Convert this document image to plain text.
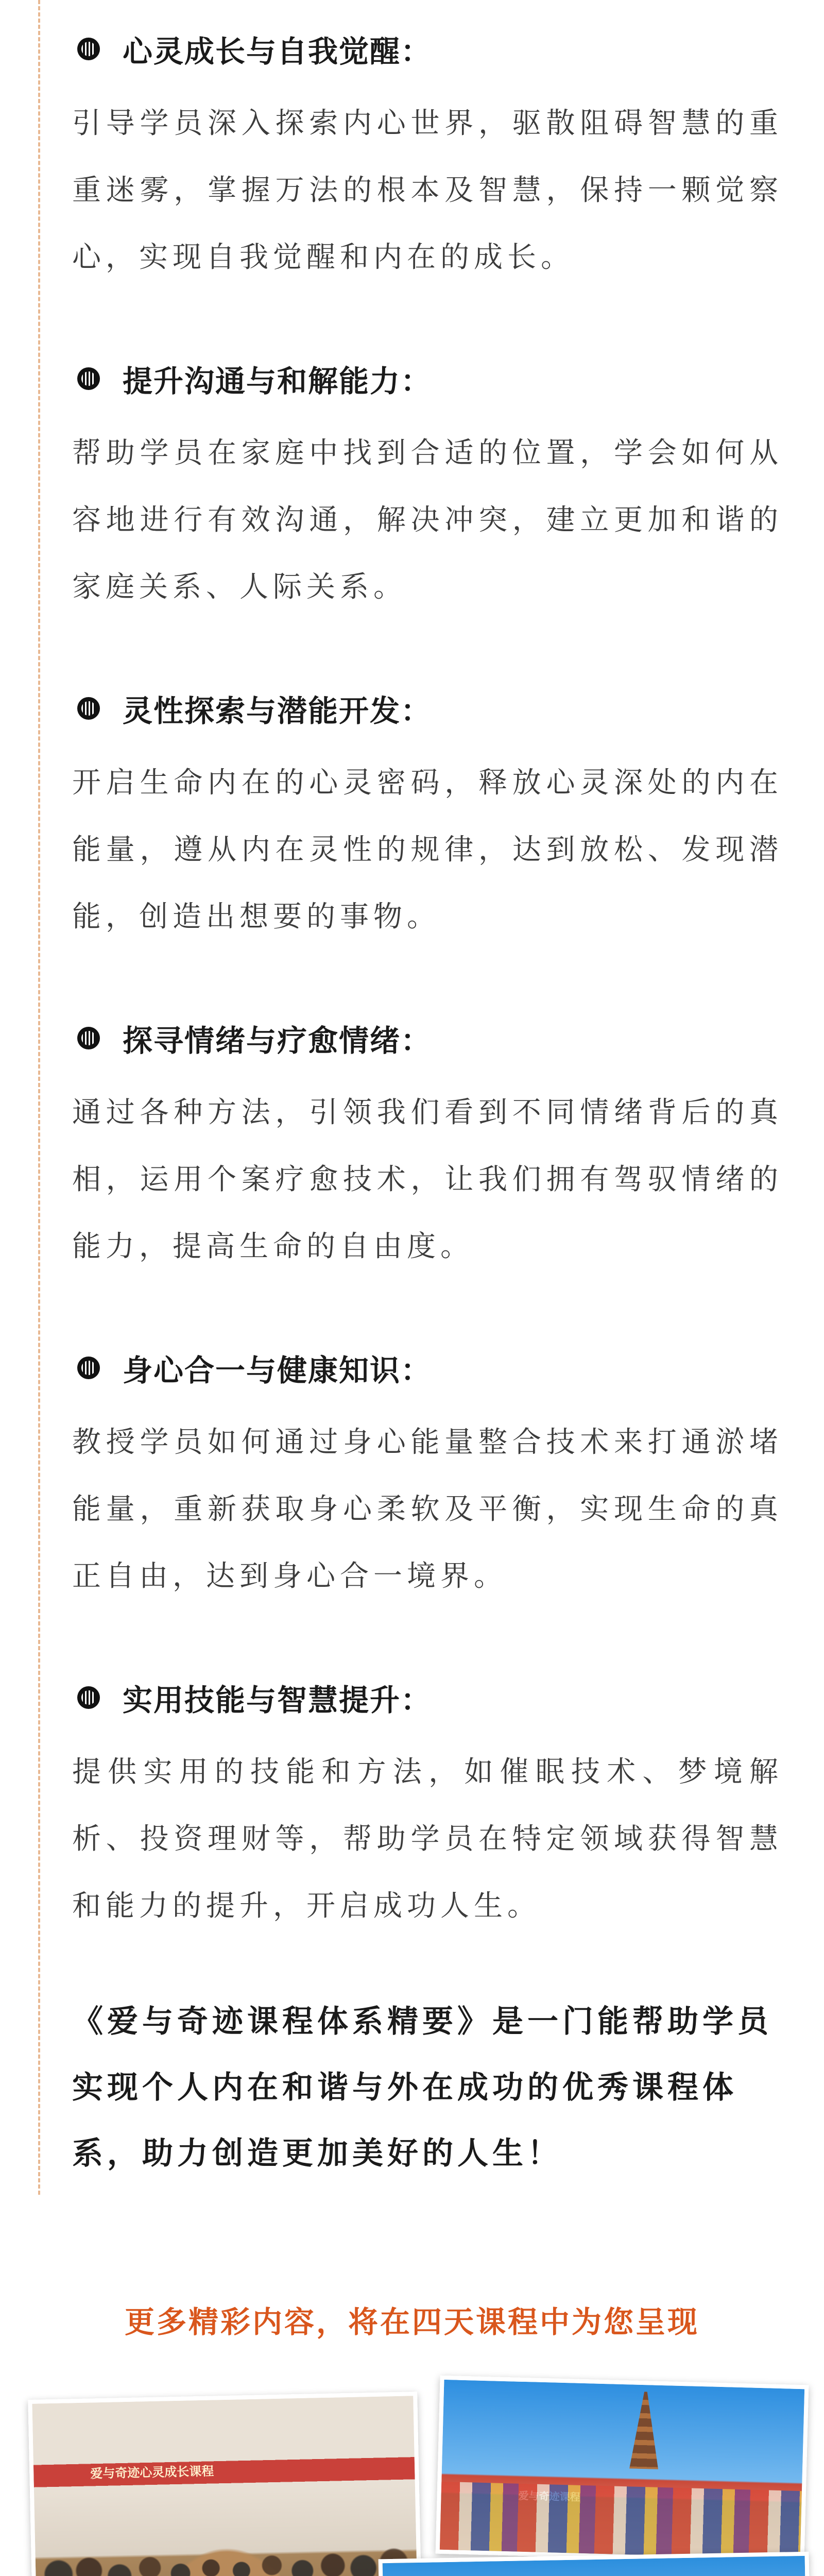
心灵成长与自我觉醒：
引导学员深入探索内心世界，驱散阻碍智慧的重重迷雾，掌握万法的根本及智慧，保持一颗觉察心，实现自我觉醒和内在的成长。
提升沟通与和解能力：
帮助学员在家庭中找到合适的位置，学会如何从容地进行有效沟通，解决冲突，建立更加和谐的家庭关系、人际关系。
灵性探索与潜能开发：
开启生命内在的心灵密码，释放心灵深处的内在能量，遵从内在灵性的规律，达到放松、发现潜能，创造出想要的事物。
探寻情绪与疗愈情绪：
通过各种方法，引领我们看到不同情绪背后的真相，运用个案疗愈技术，让我们拥有驾驭情绪的能力，提高生命的自由度。
身心合一与健康知识：
教授学员如何通过身心能量整合技术来打通淤堵能量，重新获取身心柔软及平衡，实现生命的真正自由，达到身心合一境界。
实用技能与智慧提升：
提供实用的技能和方法，如催眠技术、梦境解析、投资理财等，帮助学员在特定领域获得智慧和能力的提升，开启成功人生。
《爱与奇迹课程体系精要》是一门能帮助学员实现个人内在和谐与外在成功的优秀课程体系，助力创造更加美好的人生！
更多精彩内容，将在四天课程中为您呈现
爱与奇迹心灵成长课程
